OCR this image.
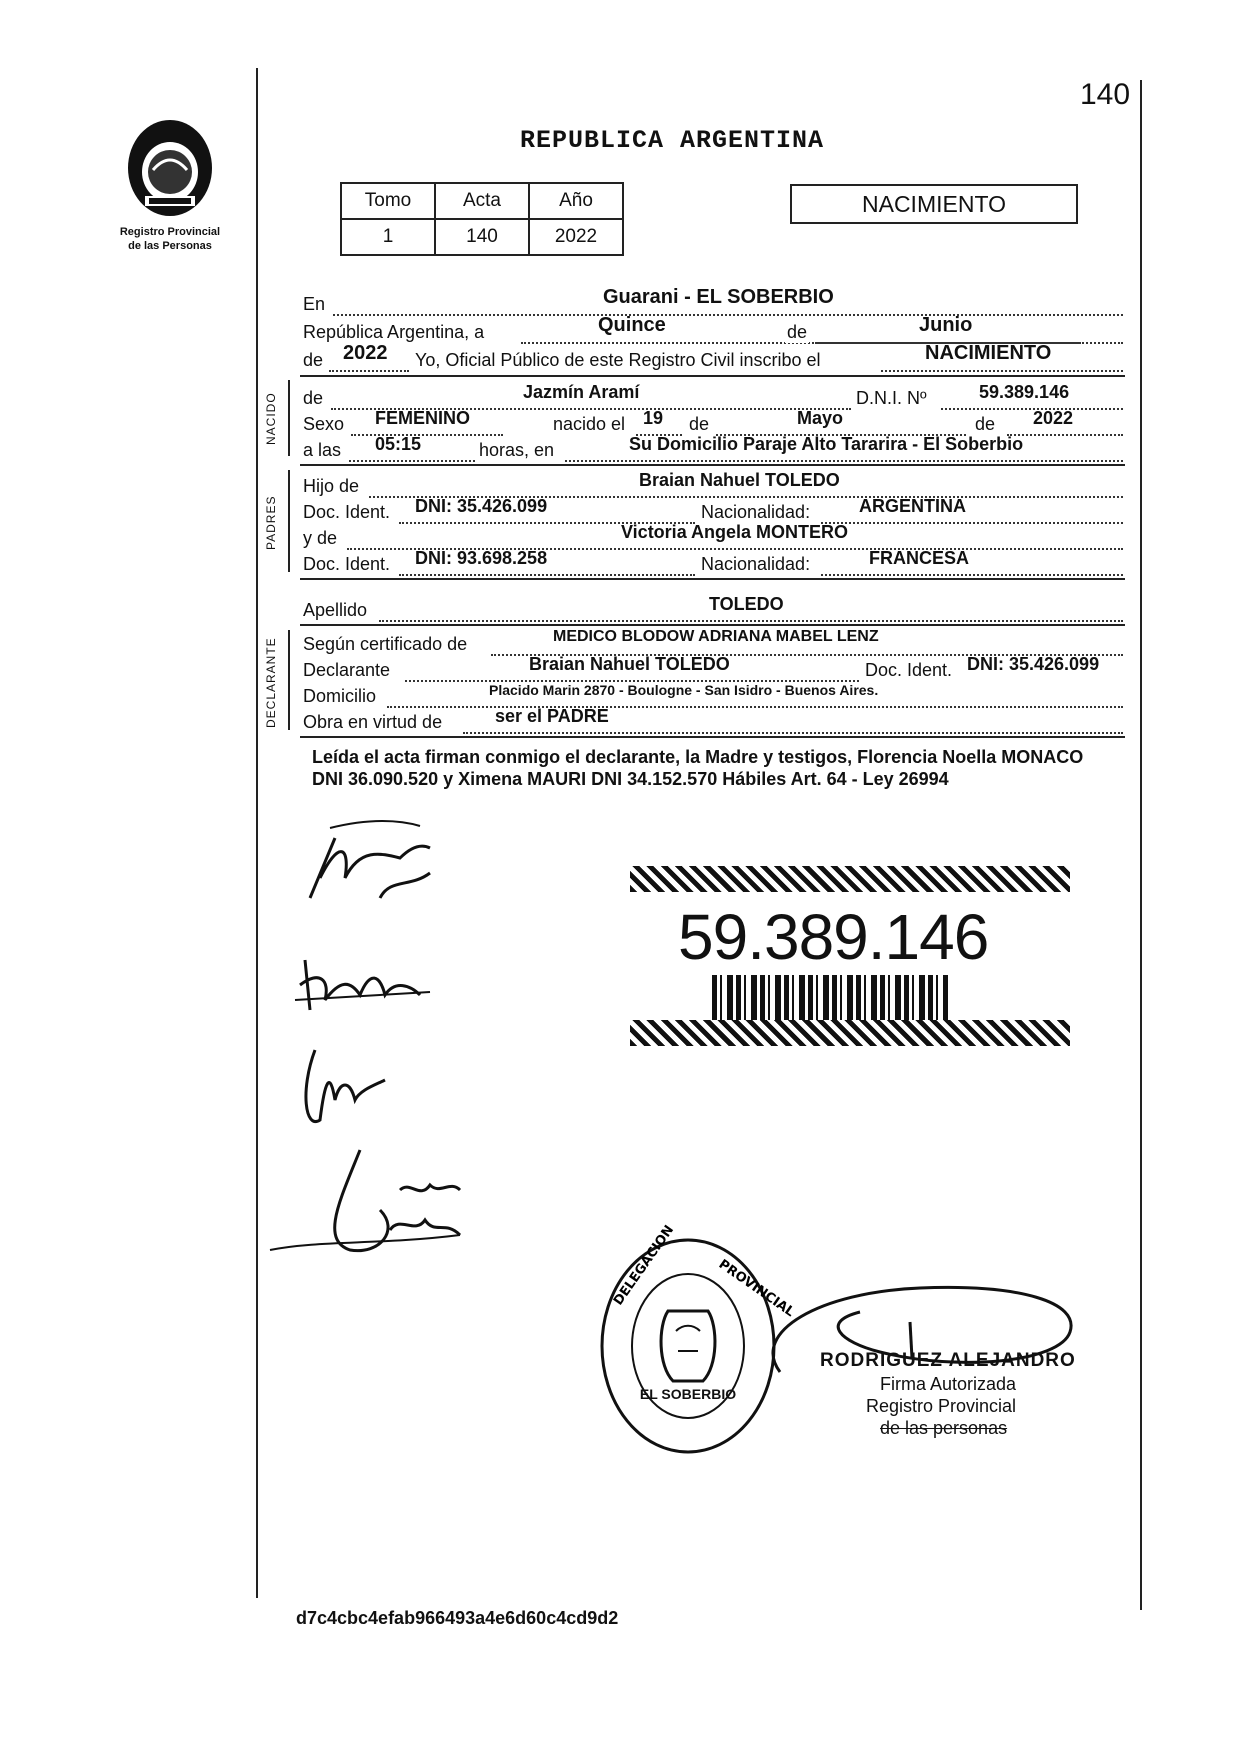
140
Registro Provincial
de las Personas
REPUBLICA ARGENTINA
Tomo	Acta	Año
1	140	2022
NACIMIENTO
En	Guarani - EL SOBERBIO
República Argentina, a	Quince	de	Junio
de 2022 Yo, Oficial Público de este Registro Civil inscribo el	NACIMIENTO
NACIDO de	Jazmín Aramí	D.N.I. Nº	59.389.146
Sexo FEMENINO	nacido el 19 de	Mayo	de 2022
a las 05:15	horas, en	Su Domicilio Paraje Alto Tararira - El Soberbio
PADRES
Hijo de	Braian Nahuel TOLEDO
Doc. Ident. DNI: 35.426.099	Nacionalidad:	ARGENTINA
y de	Victoria Angela MONTERO
Doc. Ident. DNI: 93.698.258	Nacionalidad:	FRANCESA
Apellido	TOLEDO
DECLARANTE Según certificado de	MEDICO BLODOW ADRIANA MABEL LENZ
Declarante	Braian Nahuel TOLEDO	Doc. Ident. DNI: 35.426.099
Domicilio	Placido Marin 2870 - Boulogne - San Isidro - Buenos Aires.
Obra en virtud de	ser el PADRE
Leída el acta firman conmigo el declarante, la Madre y testigos, Florencia Noella MONACO DNI 36.090.520 y Ximena MAURI DNI 34.152.570 Hábiles Art. 64 - Ley 26994
59.389.146
DELEGACION	PROVINCIAL
EL SOBERBIO
RODRIGUEZ ALEJANDRO
Firma Autorizada
Registro Provincial
de las personas
d7c4cbc4efab966493a4e6d60c4cd9d2
